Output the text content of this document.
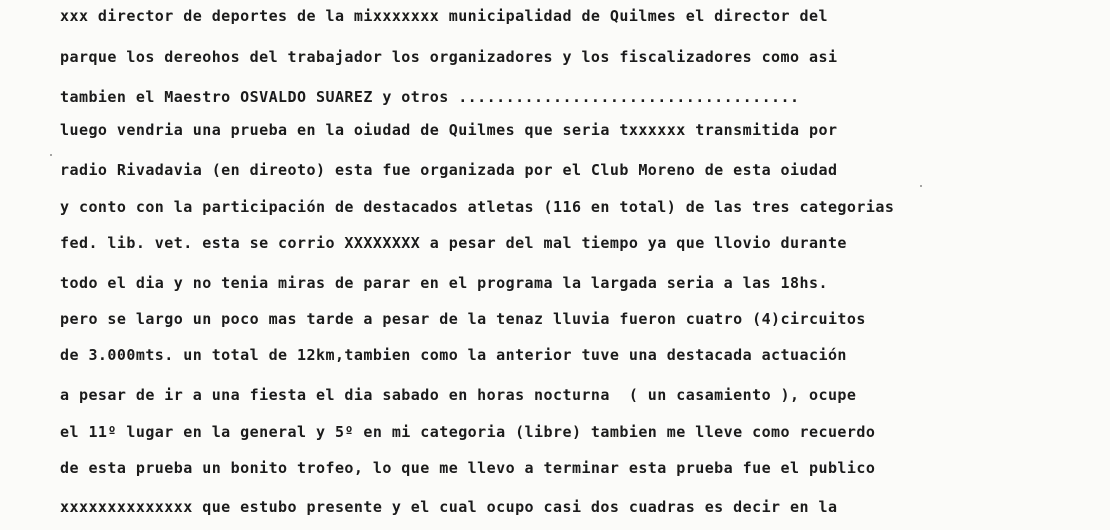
xxx director de deportes de la mixxxxxxx municipalidad de Quilmes el director del
parque los dereohos del trabajador los organizadores y los fiscalizadores como asi
tambien el Maestro OSVALDO SUAREZ y otros ....................................
luego vendria una prueba en la oiudad de Quilmes que seria txxxxxx transmitida por
radio Rivadavia (en direoto) esta fue organizada por el Club Moreno de esta oiudad
y conto con la participación de destacados atletas (116 en total) de las tres categorias
fed. lib. vet. esta se corrio XXXXXXXX a pesar del mal tiempo ya que llovio durante
todo el dia y no tenia miras de parar en el programa la largada seria a las 18hs.
pero se largo un poco mas tarde a pesar de la tenaz lluvia fueron cuatro (4)circuitos
de 3.000mts. un total de 12km,tambien como la anterior tuve una destacada actuación
a pesar de ir a una fiesta el dia sabado en horas nocturna  ( un casamiento ), ocupe
el 11º lugar en la general y 5º en mi categoria (libre) tambien me lleve como recuerdo
de esta prueba un bonito trofeo, lo que me llevo a terminar esta prueba fue el publico
xxxxxxxxxxxxxx que estubo presente y el cual ocupo casi dos cuadras es decir en la
